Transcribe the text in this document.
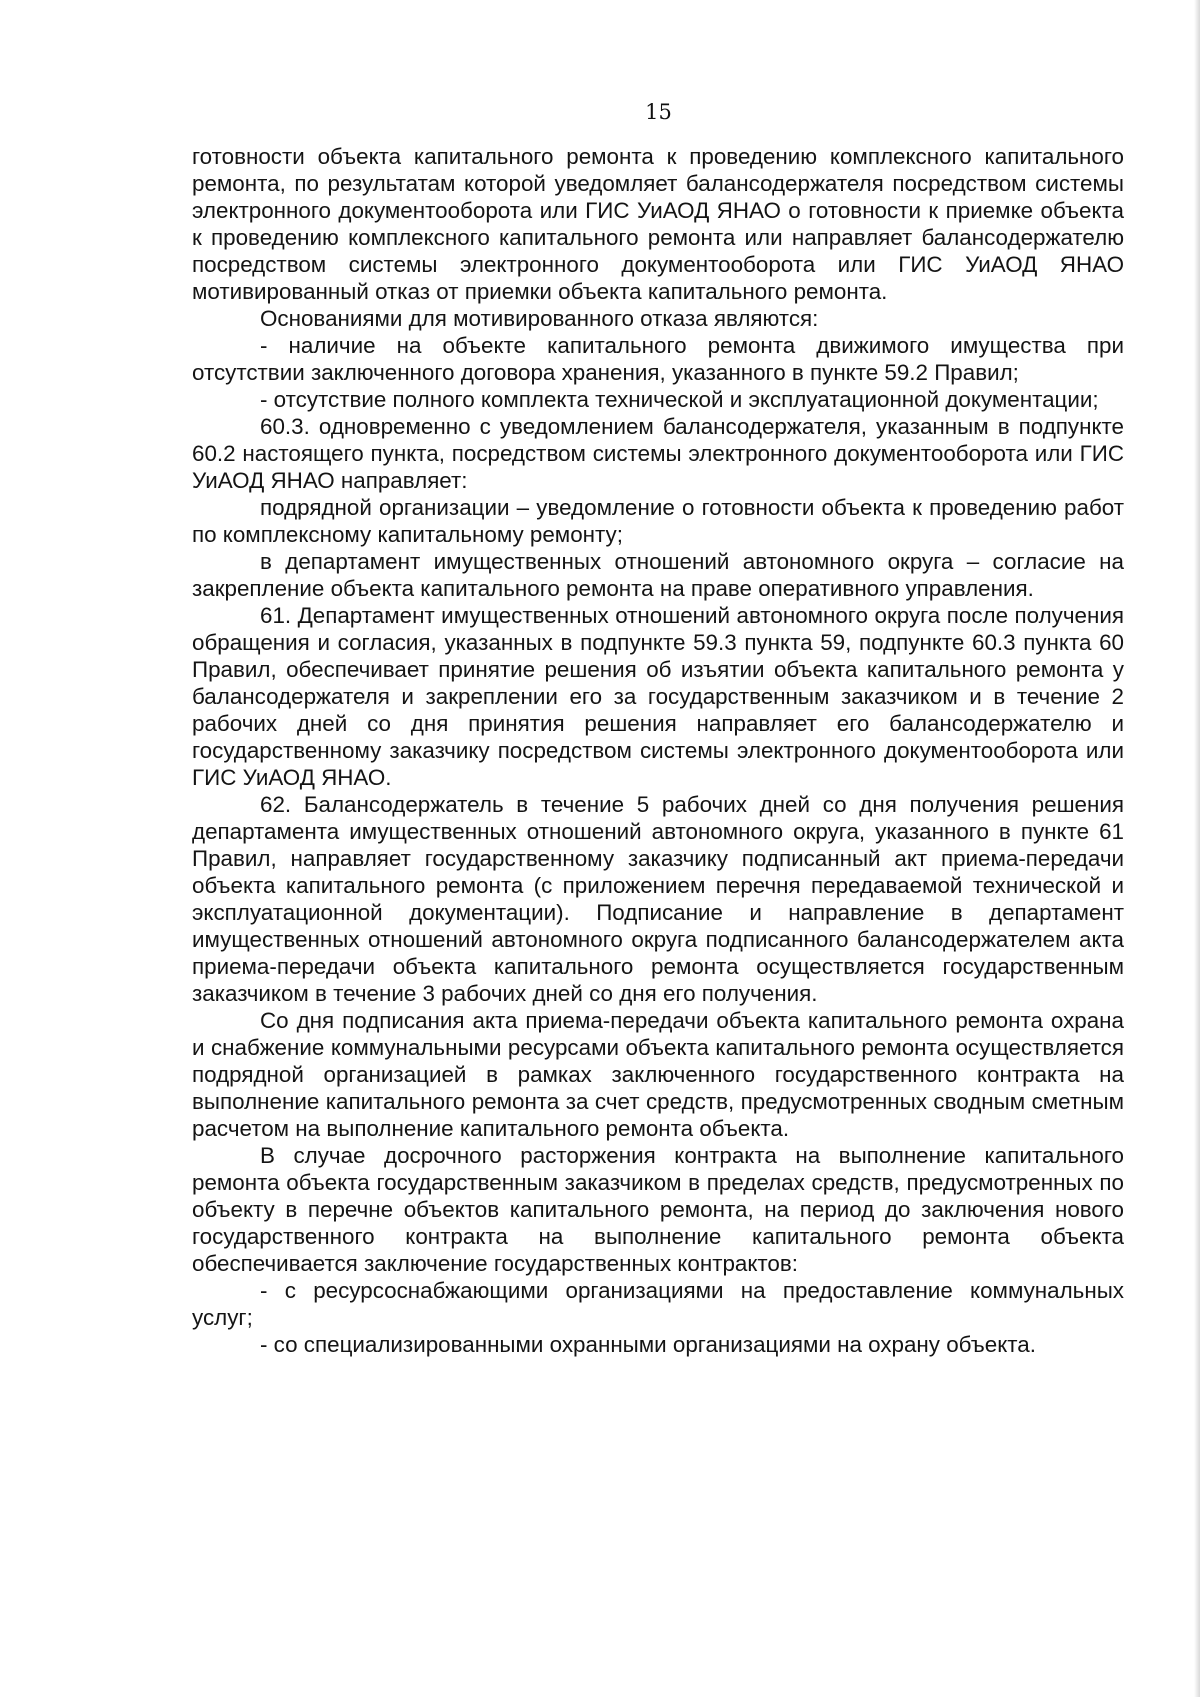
15

готовности объекта капитального ремонта к проведению комплексного капитального ремонта, по результатам которой уведомляет балансодержателя посредством системы электронного документооборота или ГИС УиАОД ЯНАО о готовности к приемке объекта к проведению комплексного капитального ремонта или направляет балансодержателю посредством системы электронного документооборота или ГИС УиАОД ЯНАО мотивированный отказ от приемки объекта капитального ремонта.

Основаниями для мотивированного отказа являются:

- наличие на объекте капитального ремонта движимого имущества при отсутствии заключенного договора хранения, указанного в пункте 59.2 Правил;

- отсутствие полного комплекта технической и эксплуатационной документации;

60.3. одновременно с уведомлением балансодержателя, указанным в подпункте 60.2 настоящего пункта, посредством системы электронного документооборота или ГИС УиАОД ЯНАО направляет:

подрядной организации – уведомление о готовности объекта к проведению работ по комплексному капитальному ремонту;

в департамент имущественных отношений автономного округа – согласие на закрепление объекта капитального ремонта на праве оперативного управления.

61. Департамент имущественных отношений автономного округа после получения обращения и согласия, указанных в подпункте 59.3 пункта 59, подпункте 60.3 пункта 60 Правил, обеспечивает принятие решения об изъятии объекта капитального ремонта у балансодержателя и закреплении его за государственным заказчиком и в течение 2 рабочих дней со дня принятия решения направляет его балансодержателю и государственному заказчику посредством системы электронного документооборота или ГИС УиАОД ЯНАО.

62. Балансодержатель в течение 5 рабочих дней со дня получения решения департамента имущественных отношений автономного округа, указанного в пункте 61 Правил, направляет государственному заказчику подписанный акт приема-передачи объекта капитального ремонта (с приложением перечня передаваемой технической и эксплуатационной документации). Подписание и направление в департамент имущественных отношений автономного округа подписанного балансодержателем акта приема-передачи объекта капитального ремонта осуществляется государственным заказчиком в течение 3 рабочих дней со дня его получения.

Со дня подписания акта приема-передачи объекта капитального ремонта охрана и снабжение коммунальными ресурсами объекта капитального ремонта осуществляется подрядной организацией в рамках заключенного государственного контракта на выполнение капитального ремонта за счет средств, предусмотренных сводным сметным расчетом на выполнение капитального ремонта объекта.

В случае досрочного расторжения контракта на выполнение капитального ремонта объекта государственным заказчиком в пределах средств, предусмотренных по объекту в перечне объектов капитального ремонта, на период до заключения нового государственного контракта на выполнение капитального ремонта объекта обеспечивается заключение государственных контрактов:

- с ресурсоснабжающими организациями на предоставление коммунальных услуг;

- со специализированными охранными организациями на охрану объекта.
